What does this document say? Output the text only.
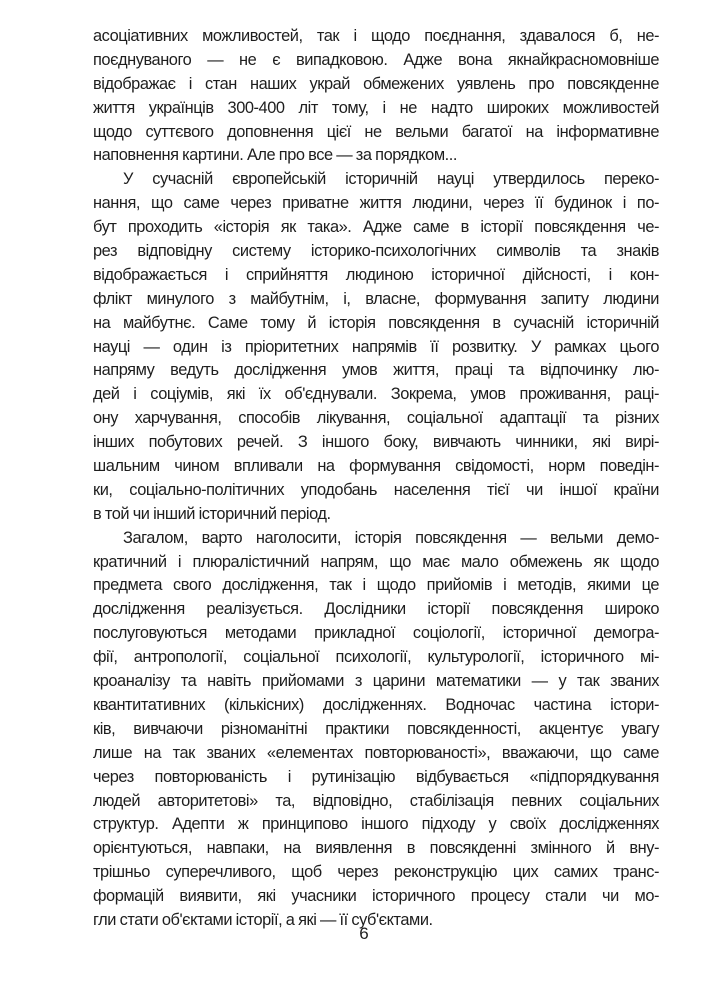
асоціативних можливостей, так і щодо поєднання, здавалося б, не-
поєднуваного — не є випадковою. Адже вона якнайкрасномовніше
відображає і стан наших украй обмежених уявлень про повсякденне
життя українців 300-400 літ тому, і не надто широких можливостей
щодо суттєвого доповнення цієї не вельми багатої на інформативне
наповнення картини. Але про все — за порядком...
У сучасній європейській історичній науці утвердилось переко-
нання, що саме через приватне життя людини, через її будинок і по-
бут проходить «історія як така». Адже саме в історії повсякдення че-
рез відповідну систему історико-психологічних символів та знаків
відображається і сприйняття людиною історичної дійсності, і кон-
флікт минулого з майбутнім, і, власне, формування запиту людини
на майбутнє. Саме тому й історія повсякдення в сучасній історичній
науці — один із пріоритетних напрямів її розвитку. У рамках цього
напряму ведуть дослідження умов життя, праці та відпочинку лю-
дей і соціумів, які їх об'єднували. Зокрема, умов проживання, раці-
ону харчування, способів лікування, соціальної адаптації та різних
інших побутових речей. З іншого боку, вивчають чинники, які вирі-
шальним чином впливали на формування свідомості, норм поведін-
ки, соціально-політичних уподобань населення тієї чи іншої країни
в той чи інший історичний період.
Загалом, варто наголосити, історія повсякдення — вельми демо-
кратичний і плюралістичний напрям, що має мало обмежень як щодо
предмета свого дослідження, так і щодо прийомів і методів, якими це
дослідження реалізується. Дослідники історії повсякдення широко
послуговуються методами прикладної соціології, історичної демогра-
фії, антропології, соціальної психології, культурології, історичного мі-
кроаналізу та навіть прийомами з царини математики — у так званих
квантитативних (кількісних) дослідженнях. Водночас частина істори-
ків, вивчаючи різноманітні практики повсякденності, акцентує увагу
лише на так званих «елементах повторюваності», вважаючи, що саме
через повторюваність і рутинізацію відбувається «підпорядкування
людей авторитетові» та, відповідно, стабілізація певних соціальних
структур. Адепти ж принципово іншого підходу у своїх дослідженнях
орієнтуються, навпаки, на виявлення в повсякденні змінного й вну-
трішньо суперечливого, щоб через реконструкцію цих самих транс-
формацій виявити, які учасники історичного процесу стали чи мо-
гли стати об'єктами історії, а які — її суб'єктами.
6
